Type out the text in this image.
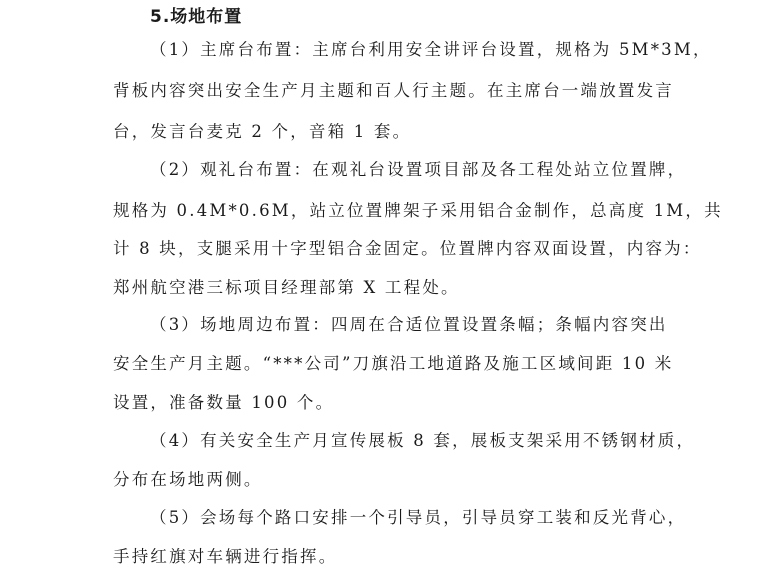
5.场地布置
（1）主席台布置：主席台利用安全讲评台设置，规格为 5M*3M，
背板内容突出安全生产月主题和百人行主题。在主席台一端放置发言
台，发言台麦克 2 个，音箱 1 套。
（2）观礼台布置：在观礼台设置项目部及各工程处站立位置牌，
规格为 0.4M*0.6M，站立位置牌架子采用铝合金制作，总高度 1M，共
计 8 块，支腿采用十字型铝合金固定。位置牌内容双面设置，内容为：
郑州航空港三标项目经理部第 X 工程处。
（3）场地周边布置：四周在合适位置设置条幅；条幅内容突出
安全生产月主题。“***公司”刀旗沿工地道路及施工区域间距 10 米
设置，准备数量 100 个。
（4）有关安全生产月宣传展板 8 套，展板支架采用不锈钢材质，
分布在场地两侧。
（5）会场每个路口安排一个引导员，引导员穿工装和反光背心，
手持红旗对车辆进行指挥。
